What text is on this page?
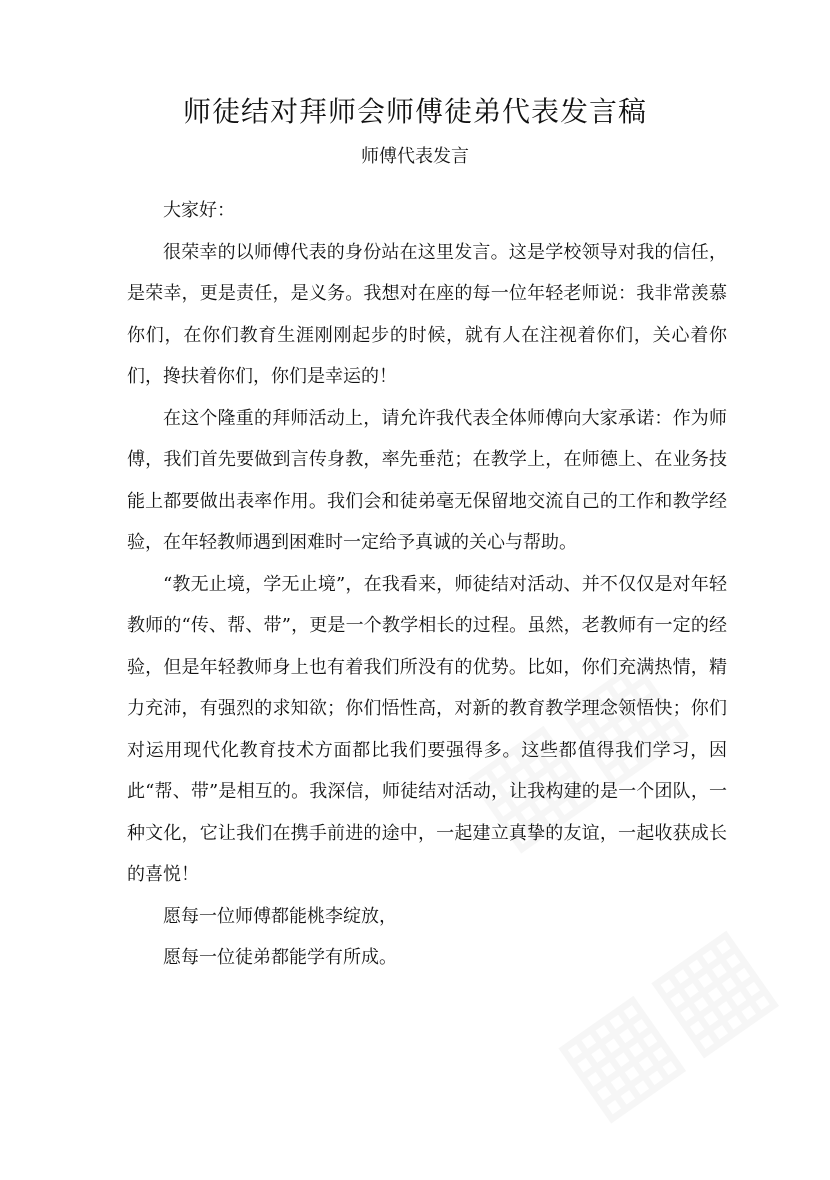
师徒结对拜师会师傅徒弟代表发言稿
师傅代表发言

大家好：

很荣幸的以师傅代表的身份站在这里发言。这是学校领导对我的信任，是荣幸，更是责任，是义务。我想对在座的每一位年轻老师说：我非常羡慕你们，在你们教育生涯刚刚起步的时候，就有人在注视着你们，关心着你们，搀扶着你们，你们是幸运的！

在这个隆重的拜师活动上，请允许我代表全体师傅向大家承诺：作为师傅，我们首先要做到言传身教，率先垂范；在教学上，在师德上、在业务技能上都要做出表率作用。我们会和徒弟毫无保留地交流自己的工作和教学经验，在年轻教师遇到困难时一定给予真诚的关心与帮助。

“教无止境，学无止境”，在我看来，师徒结对活动、并不仅仅是对年轻教师的“传、帮、带”，更是一个教学相长的过程。虽然，老教师有一定的经验，但是年轻教师身上也有着我们所没有的优势。比如，你们充满热情，精力充沛，有强烈的求知欲；你们悟性高，对新的教育教学理念领悟快；你们对运用现代化教育技术方面都比我们要强得多。这些都值得我们学习，因此“帮、带”是相互的。我深信，师徒结对活动，让我构建的是一个团队，一种文化，它让我们在携手前进的途中，一起建立真挚的友谊，一起收获成长的喜悦！

愿每一位师傅都能桃李绽放，

愿每一位徒弟都能学有所成。
